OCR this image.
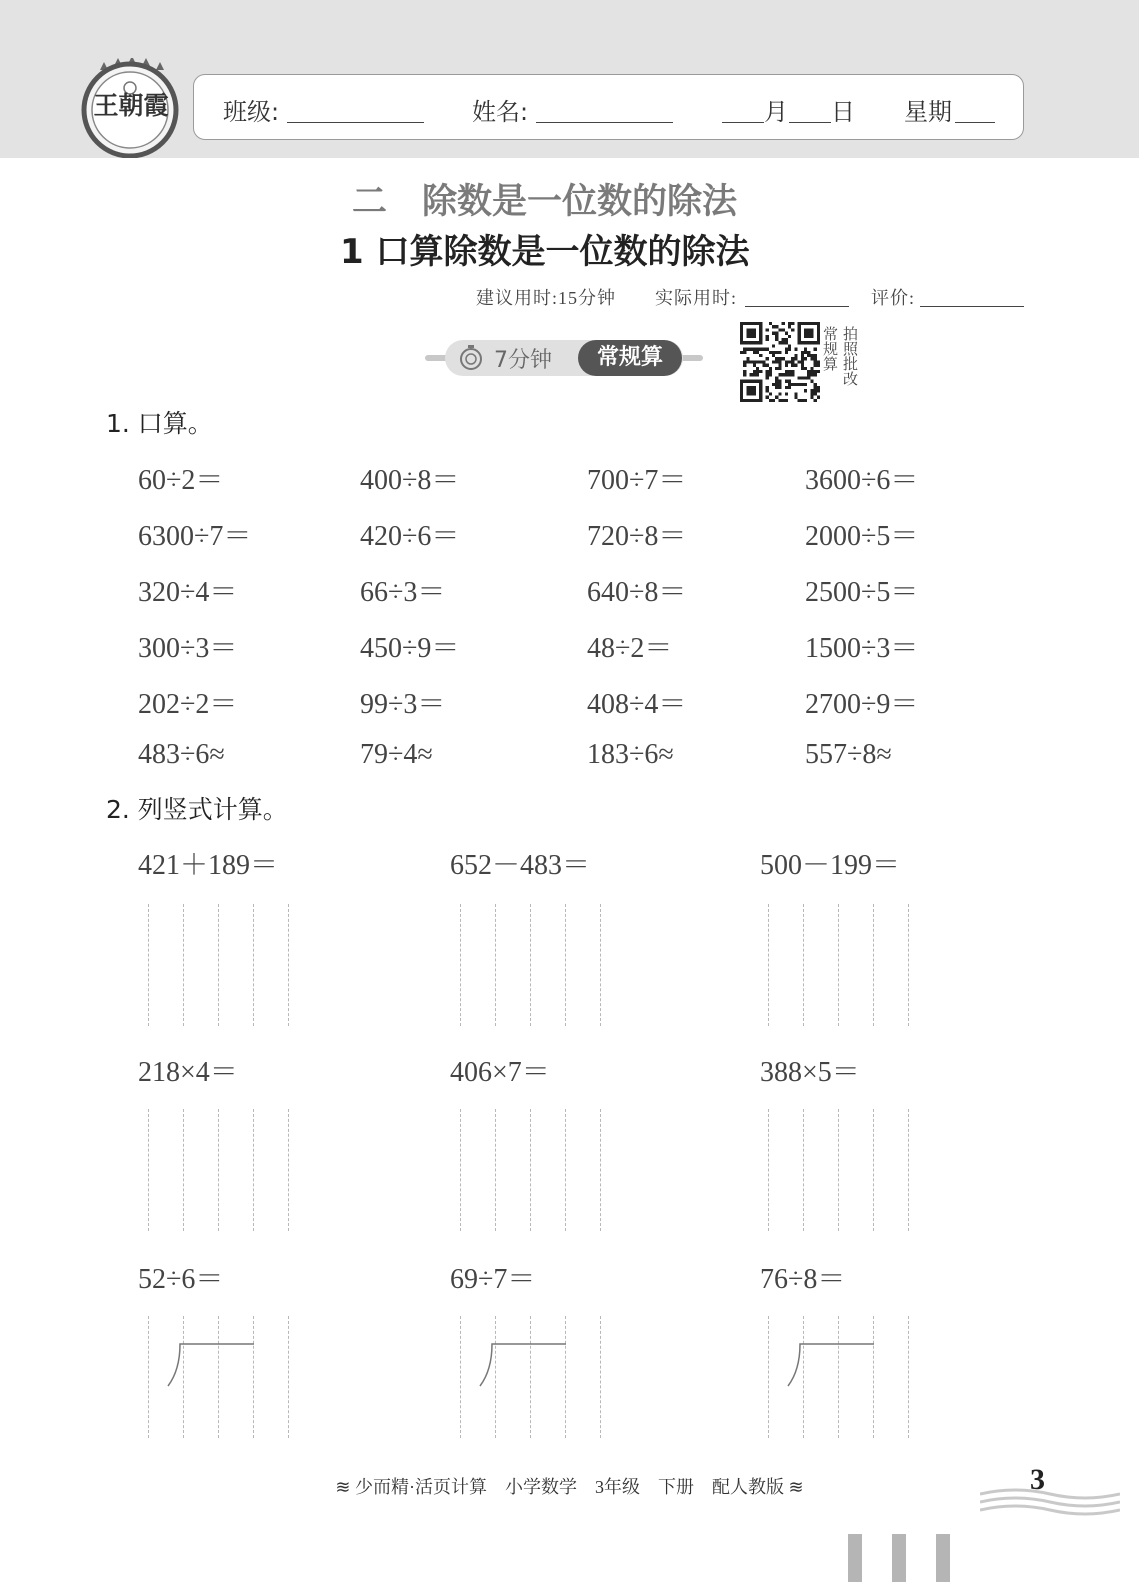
王朝霞 班级:	姓名:	月 日 星期
二　除数是一位数的除法
1 口算除数是一位数的除法
建议用时:15分钟 实际用时:	评价:
7分钟	常规算	常规算 拍照批改
1. 口算。
60÷2＝	400÷8＝	700÷7＝	3600÷6＝
6300÷7＝	420÷6＝	720÷8＝	2000÷5＝
320÷4＝	66÷3＝	640÷8＝	2500÷5＝
300÷3＝	450÷9＝	48÷2＝	1500÷3＝
202÷2＝	99÷3＝	408÷4＝	2700÷9＝
483÷6≈	79÷4≈	183÷6≈	557÷8≈
2. 列竖式计算。
421＋189＝	652－483＝	500－199＝
218×4＝	406×7＝	388×5＝
52÷6＝	69÷7＝	76÷8＝
≋ 少而精·活页计算　小学数学　3年级　下册　配人教版 ≋	3
